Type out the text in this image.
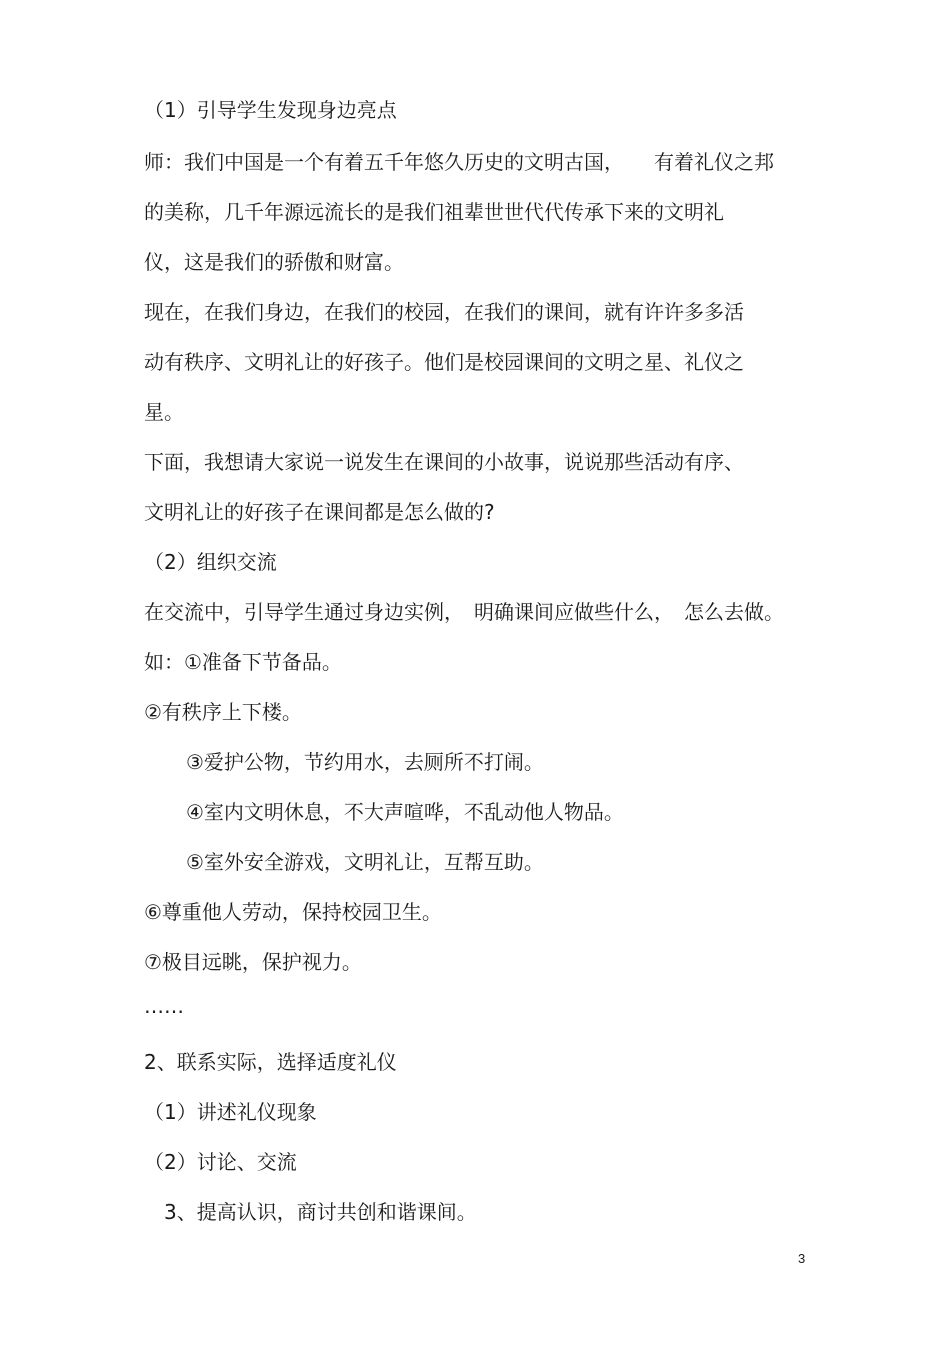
（1）引导学生发现身边亮点
师：我们中国是一个有着五千年悠久历史的文明古国，　　有着礼仪之邦
的美称，几千年源远流长的是我们祖辈世世代代传承下来的文明礼
仪，这是我们的骄傲和财富。
现在，在我们身边，在我们的校园，在我们的课间，就有许许多多活
动有秩序、文明礼让的好孩子。他们是校园课间的文明之星、礼仪之
星。
下面，我想请大家说一说发生在课间的小故事，说说那些活动有序、
文明礼让的好孩子在课间都是怎么做的?
（2）组织交流
在交流中，引导学生通过身边实例，　明确课间应做些什么，　怎么去做。
如：①准备下节备品。
②有秩序上下楼。
③爱护公物，节约用水，去厕所不打闹。
④室内文明休息，不大声喧哗，不乱动他人物品。
⑤室外安全游戏，文明礼让，互帮互助。
⑥尊重他人劳动，保持校园卫生。
⑦极目远眺，保护视力。
……
2、联系实际，选择适度礼仪
（1）讲述礼仪现象
（2）讨论、交流
3、提高认识，商讨共创和谐课间。
3
